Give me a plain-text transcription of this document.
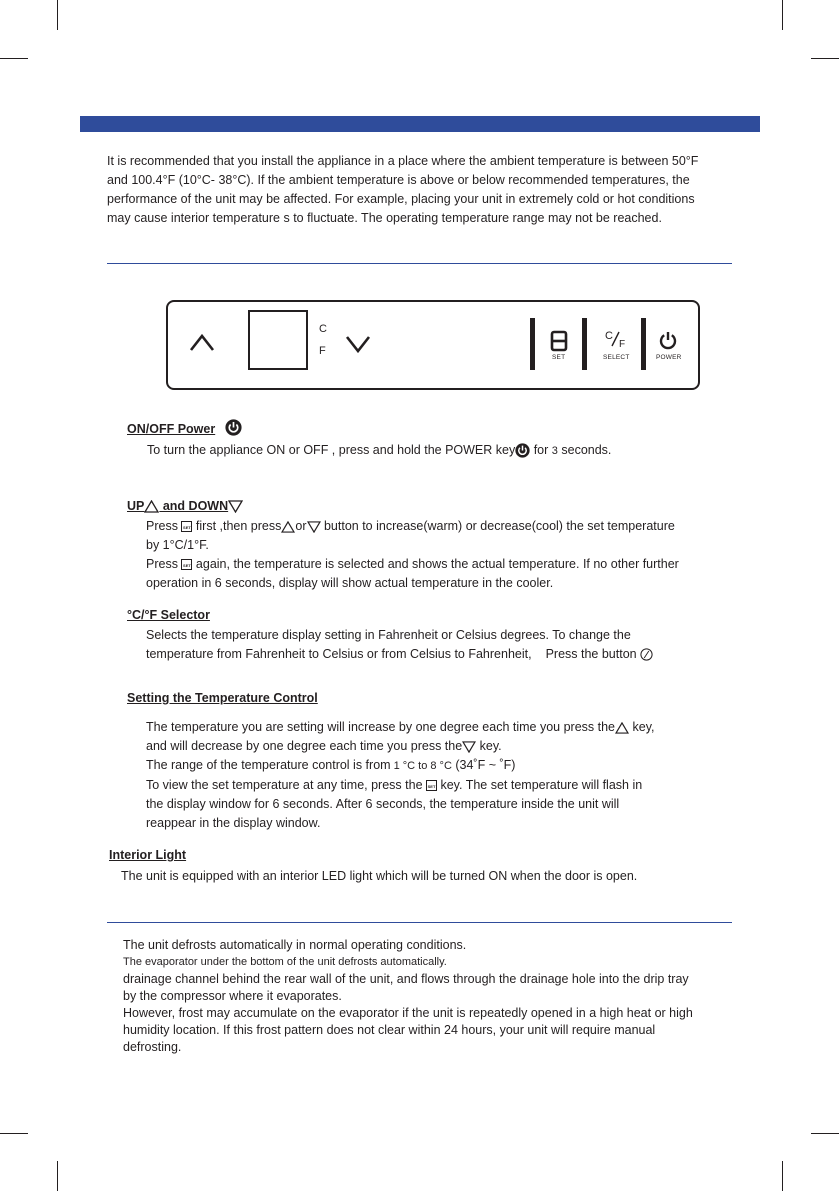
It is recommended that you install the appliance in a place where the ambient temperature is between 50°F
and 100.4°F (10°C- 38°C). If the ambient temperature is above or below recommended temperatures, the
performance of the unit may be affected. For example, placing your unit in extremely cold or hot conditions
may cause interior temperature s to fluctuate. The operating temperature range may not be reached.
C
F
SET
C
F
SELECT	POWER
ON/OFF Power
To turn the appliance ON or OFF , press and hold the POWER key for 3 seconds.
UP and DOWN
Press SET first ,then press or button to increase(warm) or decrease(cool) the set temperature
by 1°C/1°F.
Press SET again, the temperature is selected and shows the actual temperature. If no other further
operation in 6 seconds, display will show actual temperature in the cooler.
°C/°F Selector
Selects the temperature display setting in Fahrenheit or Celsius degrees. To change the
temperature from Fahrenheit to Celsius or from Celsius to Fahrenheit, Press the button
Setting the Temperature Control
The temperature you are setting will increase by one degree each time you press the key,
and will decrease by one degree each time you press the key.
The range of the temperature control is from 1 °C to 8 °C (34˚F ~ ˚F)
To view the set temperature at any time, press the SET key. The set temperature will flash in
the display window for 6 seconds. After 6 seconds, the temperature inside the unit will
reappear in the display window.
Interior Light
The unit is equipped with an interior LED light which will be turned ON when the door is open.
The unit defrosts automatically in normal operating conditions.
The evaporator under the bottom of the unit defrosts automatically.
drainage channel behind the rear wall of the unit, and flows through the drainage hole into the drip tray
by the compressor where it evaporates.
However, frost may accumulate on the evaporator if the unit is repeatedly opened in a high heat or high
humidity location. If this frost pattern does not clear within 24 hours, your unit will require manual
defrosting.
